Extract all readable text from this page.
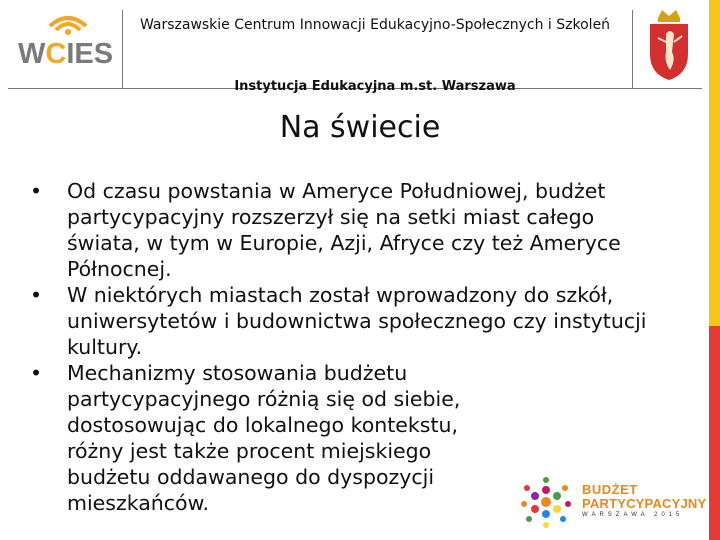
WCIES
Warszawskie Centrum Innowacji Edukacyjno-Społecznych i Szkoleń
Instytucja Edukacyjna m.st. Warszawa
Na świecie
• Od czasu powstania w Ameryce Południowej, budżet partycypacyjny rozszerzył się na setki miast całego świata, w tym w Europie, Azji, Afryce czy też Ameryce Północnej.
• W niektórych miastach został wprowadzony do szkół, uniwersytetów i budownictwa społecznego czy instytucji kultury.
• Mechanizmy stosowania budżetu partycypacyjnego różnią się od siebie, dostosowując do lokalnego kontekstu, różny jest także procent miejskiego budżetu oddawanego do dyspozycji mieszkańców.
BUDŻET
PARTYCYPACYJNY
WARSZAWA 2015
